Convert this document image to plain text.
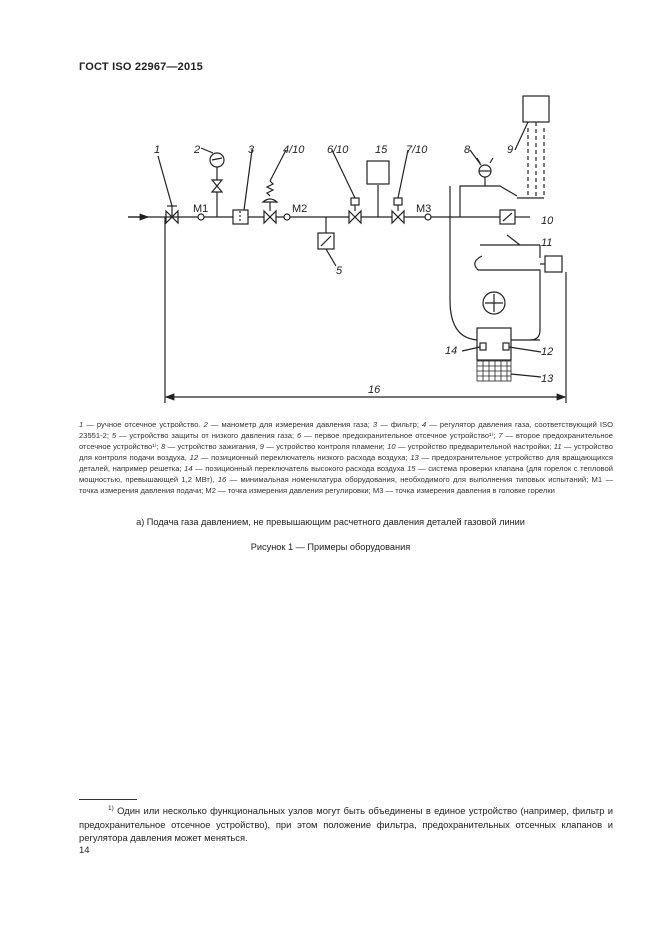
ГОСТ ISO 22967—2015
1	2	3	4/10 6/10 15 7/10	8	9
10
11
5
14	12
13
16
M1	M2	M3
1 — ручное отсечное устройство. 2 — манометр для измерения давления газа; 3 — фильтр; 4 — регулятор давления газа, соответствующий ISO 23551-2; 5 — устройство защиты от низкого давления газа; 6 — первое предохранительное отсечное устройство¹⁾; 7 — второе предохранительное отсечное устройство¹⁾; 8 — устройство зажигания, 9 — устройство контроля пламени; 10 — устройство предварительной настройки; 11 — устройство для контроля подачи воздуха, 12 — позиционный переключатель низкого расхода воздуха; 13 — предохранительное устройство для вращающихся деталей, например решетка; 14 — позиционный переключатель высокого расхода воздуха 15 — система проверки клапана (для горелок с тепловой мощностью, превышающей 1,2 МВт), 16 — минимальная номенклатура оборудования, необходимого для выполнения типовых испытаний; М1 — точка измерения давления подачи; М2 — точка измерения давления регулировки; М3 — точка измерения давления в головке горелки
а) Подача газа давлением, не превышающим расчетного давления деталей газовой линии
Рисунок 1 — Примеры оборудования
$^{1)}$ Один или несколько функциональных узлов могут быть объединены в единое устройство (например, фильтр и предохранительное отсечное устройство), при этом положение фильтра, предохранительных отсечных клапанов и регулятора давления может меняться.
14
